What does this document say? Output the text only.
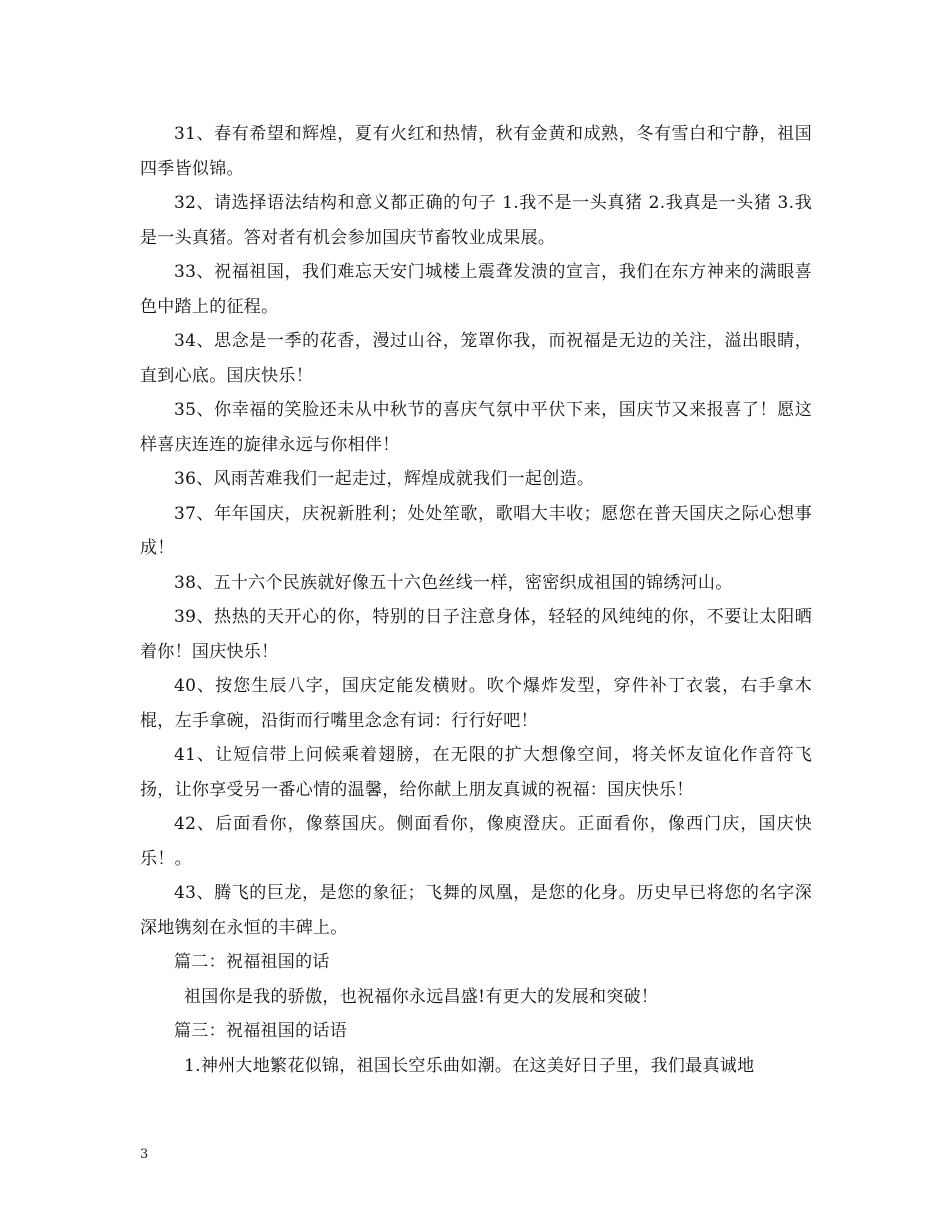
31、春有希望和辉煌，夏有火红和热情，秋有金黄和成熟，冬有雪白和宁静，祖国四季皆似锦。

32、请选择语法结构和意义都正确的句子 1.我不是一头真猪 2.我真是一头猪 3.我是一头真猪。答对者有机会参加国庆节畜牧业成果展。

33、祝福祖国，我们难忘天安门城楼上震聋发溃的宣言，我们在东方神来的满眼喜色中踏上的征程。

34、思念是一季的花香，漫过山谷，笼罩你我，而祝福是无边的关注，溢出眼睛，直到心底。国庆快乐！

35、你幸福的笑脸还未从中秋节的喜庆气氛中平伏下来，国庆节又来报喜了！愿这样喜庆连连的旋律永远与你相伴！

36、风雨苦难我们一起走过，辉煌成就我们一起创造。

37、年年国庆，庆祝新胜利；处处笙歌，歌唱大丰收；愿您在普天国庆之际心想事成！

38、五十六个民族就好像五十六色丝线一样，密密织成祖国的锦绣河山。

39、热热的天开心的你，特别的日子注意身体，轻轻的风纯纯的你，不要让太阳晒着你！国庆快乐！

40、按您生辰八字，国庆定能发横财。吹个爆炸发型，穿件补丁衣裳，右手拿木棍，左手拿碗，沿街而行嘴里念念有词：行行好吧！

41、让短信带上问候乘着翅膀，在无限的扩大想像空间，将关怀友谊化作音符飞扬，让你享受另一番心情的温馨，给你献上朋友真诚的祝福：国庆快乐！

42、后面看你，像蔡国庆。侧面看你，像庾澄庆。正面看你，像西门庆，国庆快乐！。

43、腾飞的巨龙，是您的象征；飞舞的凤凰，是您的化身。历史早已将您的名字深深地镌刻在永恒的丰碑上。

篇二：祝福祖国的话

祖国你是我的骄傲，也祝福你永远昌盛!有更大的发展和突破！

篇三：祝福祖国的话语

1.神州大地繁花似锦，祖国长空乐曲如潮。在这美好日子里，我们最真诚地

3
